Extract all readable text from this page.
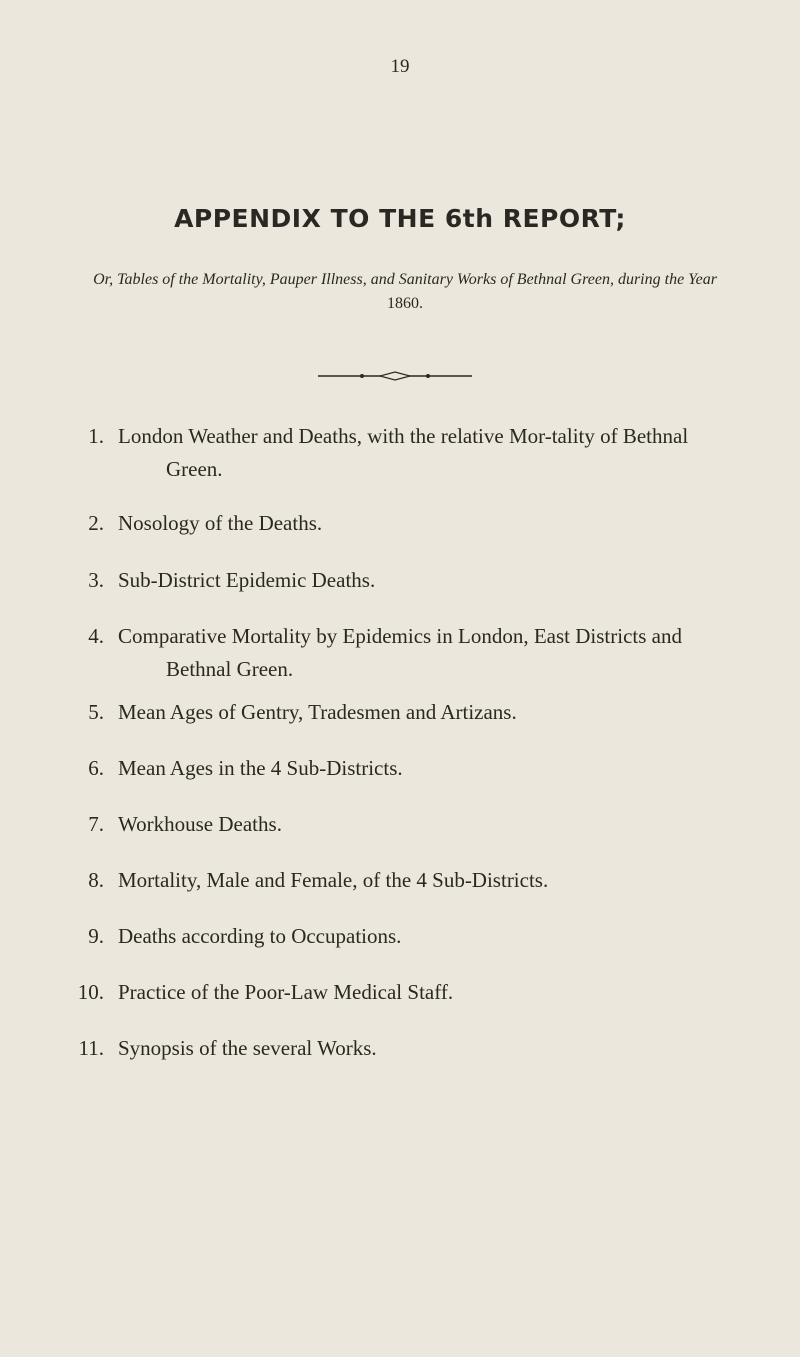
19
APPENDIX TO THE 6th REPORT;
Or, Tables of the Mortality, Pauper Illness, and Sanitary Works of Bethnal Green, during the Year 1860.
1. London Weather and Deaths, with the relative Mor-tality of Bethnal Green.
2. Nosology of the Deaths.
3. Sub-District Epidemic Deaths.
4. Comparative Mortality by Epidemics in London, East Districts and Bethnal Green.
5. Mean Ages of Gentry, Tradesmen and Artizans.
6. Mean Ages in the 4 Sub-Districts.
7. Workhouse Deaths.
8. Mortality, Male and Female, of the 4 Sub-Districts.
9. Deaths according to Occupations.
10. Practice of the Poor-Law Medical Staff.
11. Synopsis of the several Works.
